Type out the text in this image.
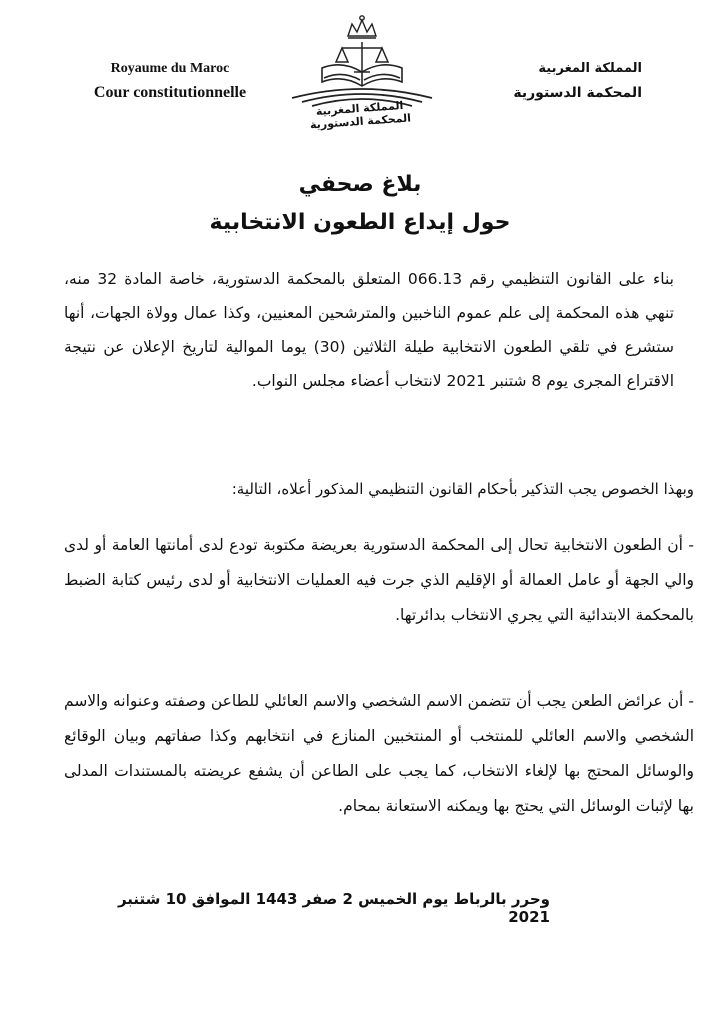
Royaume du Maroc
Cour constitutionnelle
المملكة المغربية المحكمة الدستورية
المملكة المغربية
المحكمة الدستورية
بلاغ صحفي
حول إيداع الطعون الانتخابية
بناء على القانون التنظيمي رقم 066.13 المتعلق بالمحكمة الدستورية، خاصة المادة 32 منه، تنهي هذه المحكمة إلى علم عموم الناخبين والمترشحين المعنيين، وكذا عمال وولاة الجهات، أنها ستشرع في تلقي الطعون الانتخابية طيلة الثلاثين (30) يوما الموالية لتاريخ الإعلان عن نتيجة الاقتراع المجرى يوم 8 شتنبر 2021 لانتخاب أعضاء مجلس النواب.
وبهذا الخصوص يجب التذكير بأحكام القانون التنظيمي المذكور أعلاه، التالية:
- أن الطعون الانتخابية تحال إلى المحكمة الدستورية بعريضة مكتوبة تودع لدى أمانتها العامة أو لدى والي الجهة أو عامل العمالة أو الإقليم الذي جرت فيه العمليات الانتخابية أو لدى رئيس كتابة الضبط بالمحكمة الابتدائية التي يجري الانتخاب بدائرتها.
- أن عرائض الطعن يجب أن تتضمن الاسم الشخصي والاسم العائلي للطاعن وصفته وعنوانه والاسم الشخصي والاسم العائلي للمنتخب أو المنتخبين المنازع في انتخابهم وكذا صفاتهم وبيان الوقائع والوسائل المحتج بها لإلغاء الانتخاب، كما يجب على الطاعن أن يشفع عريضته بالمستندات المدلى بها لإثبات الوسائل التي يحتج بها ويمكنه الاستعانة بمحام.
وحرر بالرباط يوم الخميس 2 صفر 1443 الموافق 10 شتنبر 2021
